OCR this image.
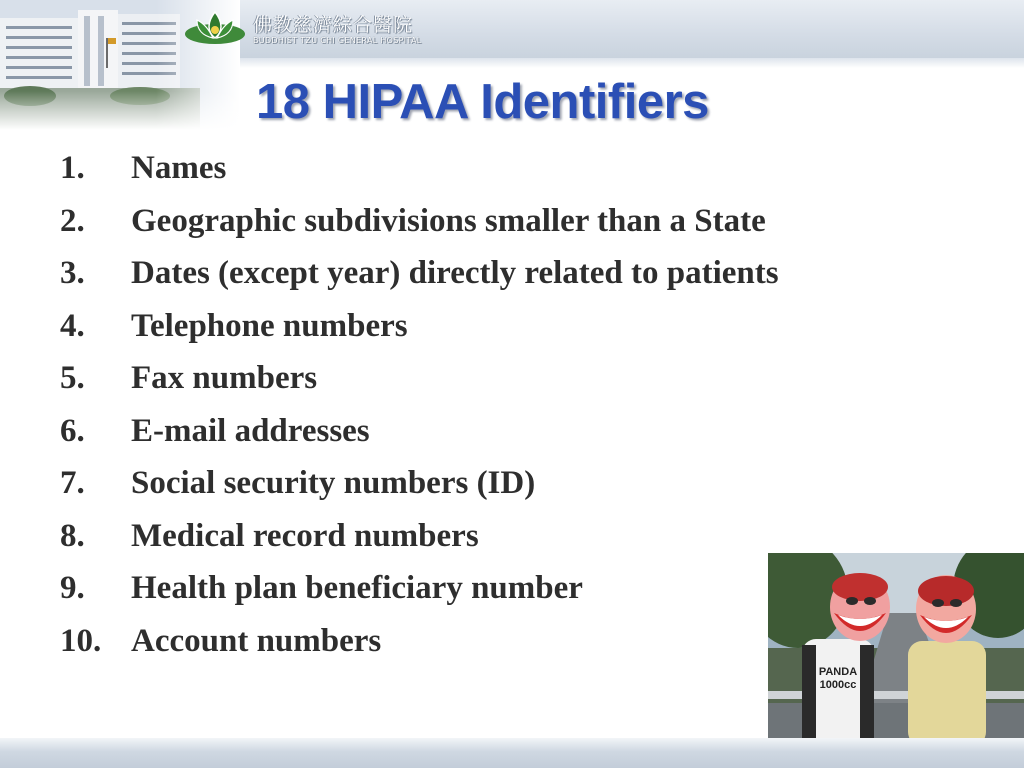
佛教慈濟綜合醫院
BUDDHIST TZU CHI GENERAL HOSPITAL
18 HIPAA Identifiers
1. Names
2. Geographic subdivisions smaller than a State
3. Dates (except year) directly related to patients
4. Telephone numbers
5. Fax numbers
6. E-mail addresses
7. Social security numbers (ID)
8. Medical record numbers
9. Health plan beneficiary number
10. Account numbers
PANDA
1000cc
